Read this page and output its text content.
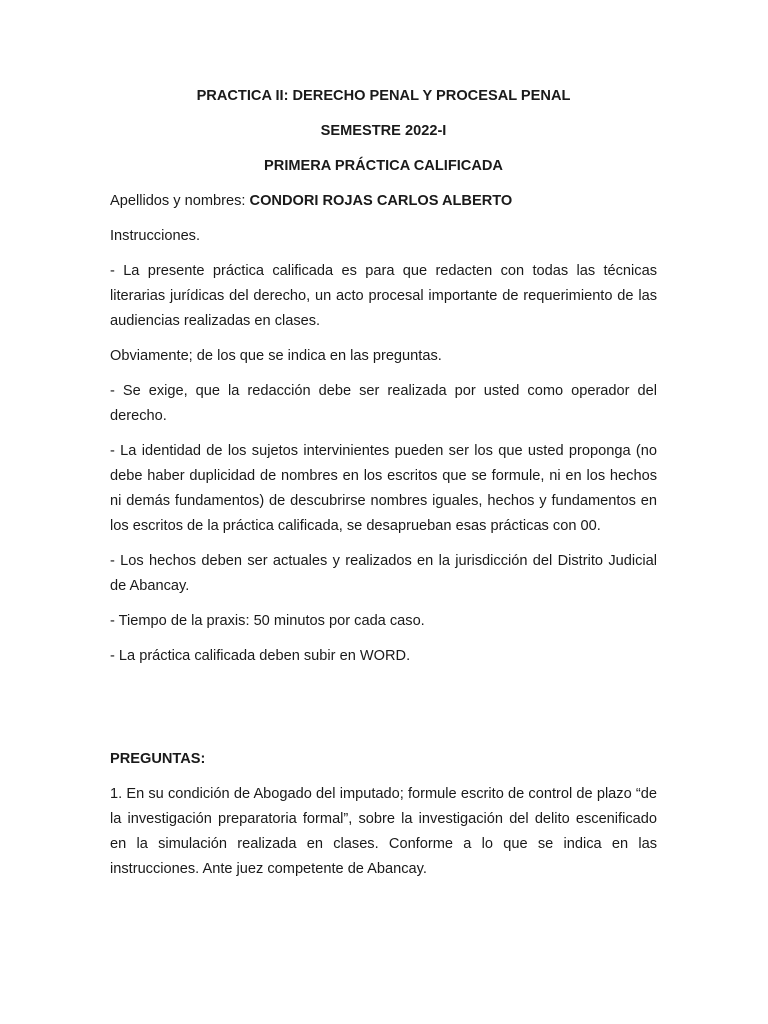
PRACTICA II: DERECHO PENAL Y PROCESAL PENAL
SEMESTRE 2022-I
PRIMERA PRÁCTICA CALIFICADA
Apellidos y nombres: CONDORI ROJAS CARLOS ALBERTO

Instrucciones.

- La presente práctica calificada es para que redacten con todas las técnicas literarias jurídicas del derecho, un acto procesal importante de requerimiento de las audiencias realizadas en clases.

Obviamente; de los que se indica en las preguntas.

- Se exige, que la redacción debe ser realizada por usted como operador del derecho.

- La identidad de los sujetos intervinientes pueden ser los que usted proponga (no debe haber duplicidad de nombres en los escritos que se formule, ni en los hechos ni demás fundamentos) de descubrirse nombres iguales, hechos y fundamentos en los escritos de la práctica calificada, se desaprueban esas prácticas con 00.

- Los hechos deben ser actuales y realizados en la jurisdicción del Distrito Judicial de Abancay.

- Tiempo de la praxis: 50 minutos por cada caso.

- La práctica calificada deben subir en WORD.

PREGUNTAS:

1. En su condición de Abogado del imputado; formule escrito de control de plazo “de la investigación preparatoria formal”, sobre la investigación del delito escenificado en la simulación realizada en clases. Conforme a lo que se indica en las instrucciones. Ante juez competente de Abancay.
